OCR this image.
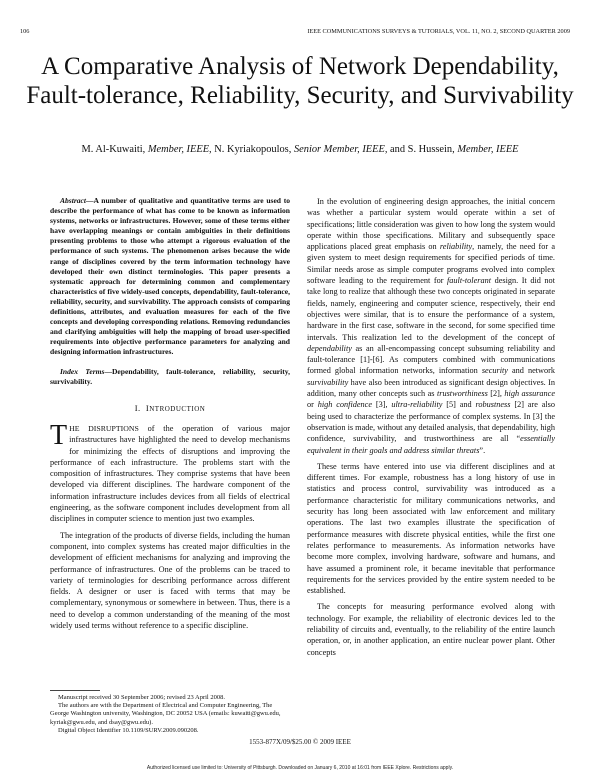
106	IEEE COMMUNICATIONS SURVEYS & TUTORIALS, VOL. 11, NO. 2, SECOND QUARTER 2009
A Comparative Analysis of Network Dependability, Fault-tolerance, Reliability, Security, and Survivability
M. Al-Kuwaiti, Member, IEEE, N. Kyriakopoulos, Senior Member, IEEE, and S. Hussein, Member, IEEE

Abstract—A number of qualitative and quantitative terms are used to describe the performance of what has come to be known as information systems, networks or infrastructures. However, some of these terms either have overlapping meanings or contain ambiguities in their definitions presenting problems to those who attempt a rigorous evaluation of the performance of such systems. The phenomenon arises because the wide range of disciplines covered by the term information technology have developed their own distinct terminologies. This paper presents a systematic approach for determining common and complementary characteristics of five widely-used concepts, dependability, fault-tolerance, reliability, security, and survivability. The approach consists of comparing definitions, attributes, and evaluation measures for each of the five concepts and developing corresponding relations. Removing redundancies and clarifying ambiguities will help the mapping of broad user-specified requirements into objective performance parameters for analyzing and designing information infrastructures.

Index Terms—Dependability, fault-tolerance, reliability, security, survivability.

I. INTRODUCTION

THE DISRUPTIONS of the operation of various major infrastructures have highlighted the need to develop mechanisms for minimizing the effects of disruptions and improving the performance of each infrastructure. The problems start with the composition of infrastructures. They comprise systems that have been developed via different disciplines. The hardware component of the information infrastructure includes devices from all fields of electrical engineering, as the software component includes development from all disciplines in computer science to mention just two examples.

The integration of the products of diverse fields, including the human component, into complex systems has created major difficulties in the development of efficient mechanisms for analyzing and improving the performance of infrastructures. One of the problems can be traced to variety of terminologies for describing performance across different fields. A designer or user is faced with terms that may be complementary, synonymous or somewhere in between. Thus, there is a need to develop a common understanding of the meaning of the most widely used terms without reference to a specific discipline.

Manuscript received 30 September 2006; revised 23 April 2008.

The authors are with the Department of Electrical and Computer Engineering, The George Washington university, Washington, DC 20052 USA (emails: kuwaiti@gwu.edu, kyriak@gwu.edu, and dsay@gwu.edu).

Digital Object Identifier 10.1109/SURV.2009.090208.

In the evolution of engineering design approaches, the initial concern was whether a particular system would operate within a set of specifications; little consideration was given to how long the system would operate within those specifications. Military and subsequently space applications placed great emphasis on reliability, namely, the need for a given system to meet design requirements for specified periods of time. Similar needs arose as simple computer programs evolved into complex software leading to the requirement for fault-tolerant design. It did not take long to realize that although these two concepts originated in separate fields, namely, engineering and computer science, respectively, their end objectives were similar, that is to ensure the performance of a system, hardware in the first case, software in the second, for some specified time intervals. This realization led to the development of the concept of dependability as an all-encompassing concept subsuming reliability and fault-tolerance [1]-[6]. As computers combined with communications formed global information networks, information security and network survivability have also been introduced as significant design objectives. In addition, many other concepts such as trustworthiness [2], high assurance or high confidence [3], ultra-reliability [5] and robustness [2] are also being used to characterize the performance of complex systems. In [3] the observation is made, without any detailed analysis, that dependability, high confidence, survivability, and trustworthiness are all “essentially equivalent in their goals and address similar threats”.

These terms have entered into use via different disciplines and at different times. For example, robustness has a long history of use in statistics and process control, survivability was introduced as a performance characteristic for military communications networks, and security has long been associated with law enforcement and military operations. The last two examples illustrate the specification of performance measures with discrete physical entities, while the first one relates performance to measurements. As information networks have become more complex, involving hardware, software and humans, and have assumed a prominent role, it became inevitable that performance requirements for the services provided by the entire system needed to be established.

The concepts for measuring performance evolved along with technology. For example, the reliability of electronic devices led to the reliability of circuits and, eventually, to the reliability of the entire launch operation, or, in another application, an entire nuclear power plant. Other concepts

1553-877X/09/$25.00 © 2009 IEEE
Authorized licensed use limited to: University of Pittsburgh. Downloaded on January 6, 2010 at 16:01 from IEEE Xplore. Restrictions apply.
